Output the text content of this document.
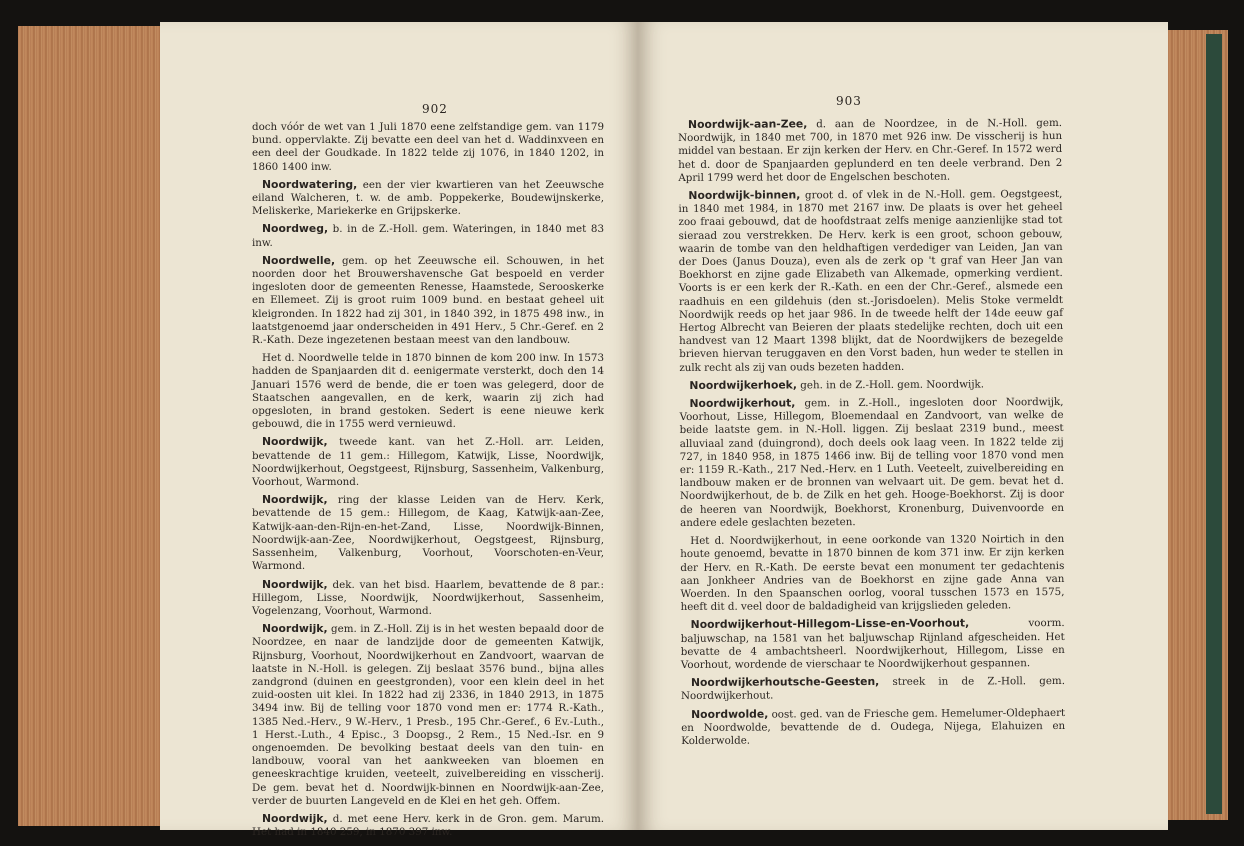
902

doch vóór de wet van 1 Juli 1870 eene zelfstandige gem. van 1179 bund. oppervlakte. Zij bevatte een deel van het d. Waddinxveen en een deel der Goudkade. In 1822 telde zij 1076, in 1840 1202, in 1860 1400 inw.

Noordwatering, een der vier kwartieren van het Zeeuwsche eiland Walcheren, t. w. de amb. Poppekerke, Boudewijnskerke, Meliskerke, Mariekerke en Grijpskerke.

Noordweg, b. in de Z.-Holl. gem. Wateringen, in 1840 met 83 inw.

Noordwelle, gem. op het Zeeuwsche eil. Schouwen, in het noorden door het Brouwershavensche Gat bespoeld en verder ingesloten door de gemeenten Renesse, Haamstede, Serooskerke en Ellemeet. Zij is groot ruim 1009 bund. en bestaat geheel uit kleigronden. In 1822 had zij 301, in 1840 392, in 1875 498 inw., in laatstgenoemd jaar onderscheiden in 491 Herv., 5 Chr.-Geref. en 2 R.-Kath. Deze ingezetenen bestaan meest van den landbouw.

Het d. Noordwelle telde in 1870 binnen de kom 200 inw. In 1573 hadden de Spanjaarden dit d. eenigermate versterkt, doch den 14 Januari 1576 werd de bende, die er toen was gelegerd, door de Staatschen aangevallen, en de kerk, waarin zij zich had opgesloten, in brand gestoken. Sedert is eene nieuwe kerk gebouwd, die in 1755 werd vernieuwd.

Noordwijk, tweede kant. van het Z.-Holl. arr. Leiden, bevattende de 11 gem.: Hillegom, Katwijk, Lisse, Noordwijk, Noordwijkerhout, Oegstgeest, Rijnsburg, Sassenheim, Valkenburg, Voorhout, Warmond.

Noordwijk, ring der klasse Leiden van de Herv. Kerk, bevattende de 15 gem.: Hillegom, de Kaag, Katwijk-aan-Zee, Katwijk-aan-den-Rijn-en-het-Zand, Lisse, Noordwijk-Binnen, Noordwijk-aan-Zee, Noordwijkerhout, Oegstgeest, Rijnsburg, Sassenheim, Valkenburg, Voorhout, Voorschoten-en-Veur, Warmond.

Noordwijk, dek. van het bisd. Haarlem, bevattende de 8 par.: Hillegom, Lisse, Noordwijk, Noordwijkerhout, Sassenheim, Vogelenzang, Voorhout, Warmond.

Noordwijk, gem. in Z.-Holl. Zij is in het westen bepaald door de Noordzee, en naar de landzijde door de gemeenten Katwijk, Rijnsburg, Voorhout, Noordwijkerhout en Zandvoort, waarvan de laatste in N.-Holl. is gelegen. Zij beslaat 3576 bund., bijna alles zandgrond (duinen en geestgronden), voor een klein deel in het zuid-oosten uit klei. In 1822 had zij 2336, in 1840 2913, in 1875 3494 inw. Bij de telling voor 1870 vond men er: 1774 R.-Kath., 1385 Ned.-Herv., 9 W.-Herv., 1 Presb., 195 Chr.-Geref., 6 Ev.-Luth., 1 Herst.-Luth., 4 Episc., 3 Doopsg., 2 Rem., 15 Ned.-Isr. en 9 ongenoemden. De bevolking bestaat deels van den tuin- en landbouw, vooral van het aankweeken van bloemen en geneeskrachtige kruiden, veeteelt, zuivelbereiding en visscherij. De gem. bevat het d. Noordwijk-binnen en Noordwijk-aan-Zee, verder de buurten Langeveld en de Klei en het geh. Offem.

Noordwijk, d. met eene Herv. kerk in de Gron. gem. Marum. Het had in 1840 259, in 1870 397 inw.

903

Noordwijk-aan-Zee, d. aan de Noordzee, in de N.-Holl. gem. Noordwijk, in 1840 met 700, in 1870 met 926 inw. De visscherij is hun middel van bestaan. Er zijn kerken der Herv. en Chr.-Geref. In 1572 werd het d. door de Spanjaarden geplunderd en ten deele verbrand. Den 2 April 1799 werd het door de Engelschen beschoten.

Noordwijk-binnen, groot d. of vlek in de N.-Holl. gem. Oegstgeest, in 1840 met 1984, in 1870 met 2167 inw. De plaats is over het geheel zoo fraai gebouwd, dat de hoofdstraat zelfs menige aanzienlijke stad tot sieraad zou verstrekken. De Herv. kerk is een groot, schoon gebouw, waarin de tombe van den heldhaftigen verdediger van Leiden, Jan van der Does (Janus Douza), even als de zerk op 't graf van Heer Jan van Boekhorst en zijne gade Elizabeth van Alkemade, opmerking verdient. Voorts is er een kerk der R.-Kath. en een der Chr.-Geref., alsmede een raadhuis en een gildehuis (den st.-Jorisdoelen). Melis Stoke vermeldt Noordwijk reeds op het jaar 986. In de tweede helft der 14de eeuw gaf Hertog Albrecht van Beieren der plaats stedelijke rechten, doch uit een handvest van 12 Maart 1398 blijkt, dat de Noordwijkers de bezegelde brieven hiervan teruggaven en den Vorst baden, hun weder te stellen in zulk recht als zij van ouds bezeten hadden.

Noordwijkerhoek, geh. in de Z.-Holl. gem. Noordwijk.

Noordwijkerhout, gem. in Z.-Holl., ingesloten door Noordwijk, Voorhout, Lisse, Hillegom, Bloemendaal en Zandvoort, van welke de beide laatste gem. in N.-Holl. liggen. Zij beslaat 2319 bund., meest alluviaal zand (duingrond), doch deels ook laag veen. In 1822 telde zij 727, in 1840 958, in 1875 1466 inw. Bij de telling voor 1870 vond men er: 1159 R.-Kath., 217 Ned.-Herv. en 1 Luth. Veeteelt, zuivelbereiding en landbouw maken er de bronnen van welvaart uit. De gem. bevat het d. Noordwijkerhout, de b. de Zilk en het geh. Hooge-Boekhorst. Zij is door de heeren van Noordwijk, Boekhorst, Kronenburg, Duivenvoorde en andere edele geslachten bezeten.

Het d. Noordwijkerhout, in eene oorkonde van 1320 Noirtich in den houte genoemd, bevatte in 1870 binnen de kom 371 inw. Er zijn kerken der Herv. en R.-Kath. De eerste bevat een monument ter gedachtenis aan Jonkheer Andries van de Boekhorst en zijne gade Anna van Woerden. In den Spaanschen oorlog, vooral tusschen 1573 en 1575, heeft dit d. veel door de baldadigheid van krijgslieden geleden.

Noordwijkerhout-Hillegom-Lisse-en-Voorhout, voorm. baljuwschap, na 1581 van het baljuwschap Rijnland afgescheiden. Het bevatte de 4 ambachtsheerl. Noordwijkerhout, Hillegom, Lisse en Voorhout, wordende de vierschaar te Noordwijkerhout gespannen.

Noordwijkerhoutsche-Geesten, streek in de Z.-Holl. gem. Noordwijkerhout.

Noordwolde, oost. ged. van de Friesche gem. Hemelumer-Oldephaert en Noordwolde, bevattende de d. Oudega, Nijega, Elahuizen en Kolderwolde.
